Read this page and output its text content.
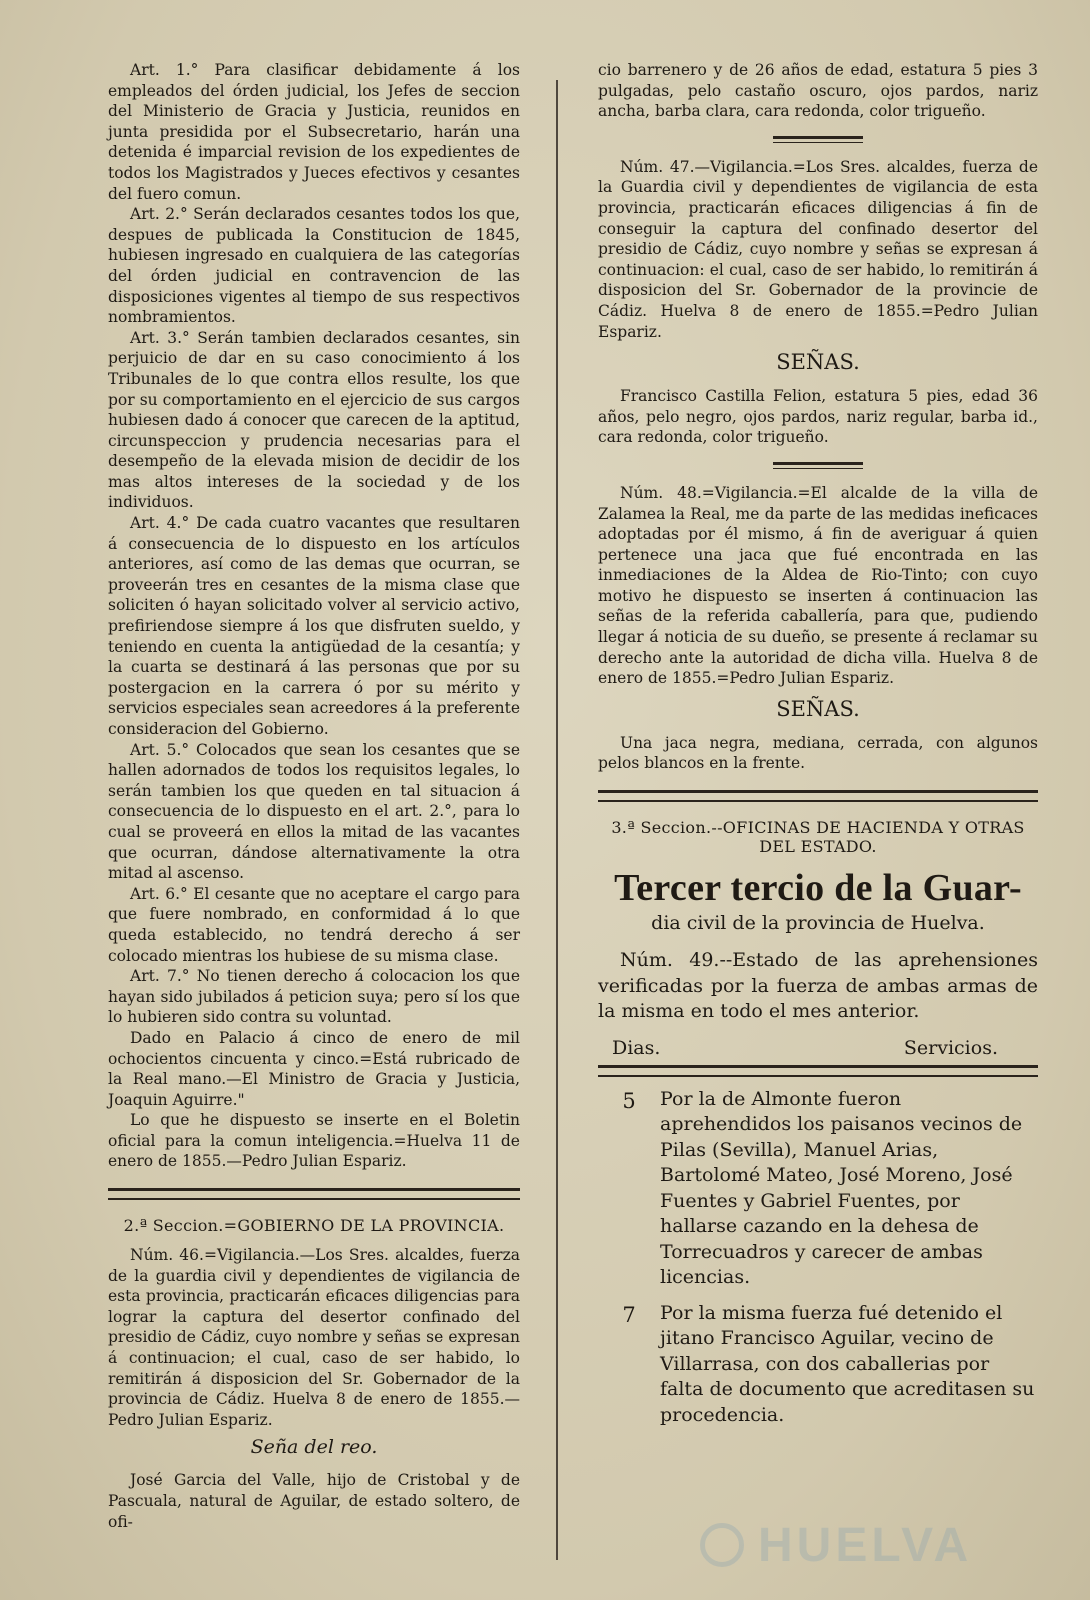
Art. 1.° Para clasificar debidamente á los empleados del órden judicial, los Jefes de seccion del Ministerio de Gracia y Justicia, reunidos en junta presidida por el Subsecretario, harán una detenida é imparcial revision de los expedientes de todos los Magistrados y Jueces efectivos y cesantes del fuero comun.

Art. 2.° Serán declarados cesantes todos los que, despues de publicada la Constitucion de 1845, hubiesen ingresado en cualquiera de las categorías del órden judicial en contravencion de las disposiciones vigentes al tiempo de sus respectivos nombramientos.

Art. 3.° Serán tambien declarados cesantes, sin perjuicio de dar en su caso conocimiento á los Tribunales de lo que contra ellos resulte, los que por su comportamiento en el ejercicio de sus cargos hubiesen dado á conocer que carecen de la aptitud, circunspeccion y prudencia necesarias para el desempeño de la elevada mision de decidir de los mas altos intereses de la sociedad y de los individuos.

Art. 4.° De cada cuatro vacantes que resultaren á consecuencia de lo dispuesto en los artículos anteriores, así como de las demas que ocurran, se proveerán tres en cesantes de la misma clase que soliciten ó hayan solicitado volver al servicio activo, prefiriendose siempre á los que disfruten sueldo, y teniendo en cuenta la antigüedad de la cesantía; y la cuarta se destinará á las personas que por su postergacion en la carrera ó por su mérito y servicios especiales sean acreedores á la preferente consideracion del Gobierno.

Art. 5.° Colocados que sean los cesantes que se hallen adornados de todos los requisitos legales, lo serán tambien los que queden en tal situacion á consecuencia de lo dispuesto en el art. 2.°, para lo cual se proveerá en ellos la mitad de las vacantes que ocurran, dándose alternativamente la otra mitad al ascenso.

Art. 6.° El cesante que no aceptare el cargo para que fuere nombrado, en conformidad á lo que queda establecido, no tendrá derecho á ser colocado mientras los hubiese de su misma clase.

Art. 7.° No tienen derecho á colocacion los que hayan sido jubilados á peticion suya; pero sí los que lo hubieren sido contra su voluntad.

Dado en Palacio á cinco de enero de mil ochocientos cincuenta y cinco.=Está rubricado de la Real mano.—El Ministro de Gracia y Justicia, Joaquin Aguirre."

Lo que he dispuesto se inserte en el Boletin oficial para la comun inteligencia.=Huelva 11 de enero de 1855.—Pedro Julian Espariz.

2.ª Seccion.=GOBIERNO DE LA PROVINCIA.

Núm. 46.=Vigilancia.—Los Sres. alcaldes, fuerza de la guardia civil y dependientes de vigilancia de esta provincia, practicarán eficaces diligencias para lograr la captura del desertor confinado del presidio de Cádiz, cuyo nombre y señas se expresan á continuacion; el cual, caso de ser habido, lo remitirán á disposicion del Sr. Gobernador de la provincia de Cádiz. Huelva 8 de enero de 1855.—Pedro Julian Espariz.

Seña del reo.

José Garcia del Valle, hijo de Cristobal y de Pascuala, natural de Aguilar, de estado soltero, de ofi-

cio barrenero y de 26 años de edad, estatura 5 pies 3 pulgadas, pelo castaño oscuro, ojos pardos, nariz ancha, barba clara, cara redonda, color trigueño.

Núm. 47.—Vigilancia.=Los Sres. alcaldes, fuerza de la Guardia civil y dependientes de vigilancia de esta provincia, practicarán eficaces diligencias á fin de conseguir la captura del confinado desertor del presidio de Cádiz, cuyo nombre y señas se expresan á continuacion: el cual, caso de ser habido, lo remitirán á disposicion del Sr. Gobernador de la provincie de Cádiz. Huelva 8 de enero de 1855.=Pedro Julian Espariz.

SEÑAS.

Francisco Castilla Felion, estatura 5 pies, edad 36 años, pelo negro, ojos pardos, nariz regular, barba id., cara redonda, color trigueño.

Núm. 48.=Vigilancia.=El alcalde de la villa de Zalamea la Real, me da parte de las medidas ineficaces adoptadas por él mismo, á fin de averiguar á quien pertenece una jaca que fué encontrada en las inmediaciones de la Aldea de Rio-Tinto; con cuyo motivo he dispuesto se inserten á continuacion las señas de la referida caballería, para que, pudiendo llegar á noticia de su dueño, se presente á reclamar su derecho ante la autoridad de dicha villa. Huelva 8 de enero de 1855.=Pedro Julian Espariz.

SEÑAS.

Una jaca negra, mediana, cerrada, con algunos pelos blancos en la frente.

3.ª Seccion.--OFICINAS DE HACIENDA Y OTRAS
DEL ESTADO.
Tercer tercio de la Guar-
dia civil de la provincia de Huelva.

Núm. 49.--Estado de las aprehensiones verificadas por la fuerza de ambas armas de la misma en todo el mes anterior.

Dias.	Servicios.
5	Por la de Almonte fueron aprehendidos los paisanos vecinos de Pilas (Sevilla), Manuel Arias, Bartolomé Mateo, José Moreno, José Fuentes y Gabriel Fuentes, por hallarse cazando en la dehesa de Torrecuadros y carecer de ambas licencias.
7	Por la misma fuerza fué detenido el jitano Francisco Aguilar, vecino de Villarrasa, con dos caballerias por falta de documento que acreditasen su procedencia.
HUELVA
